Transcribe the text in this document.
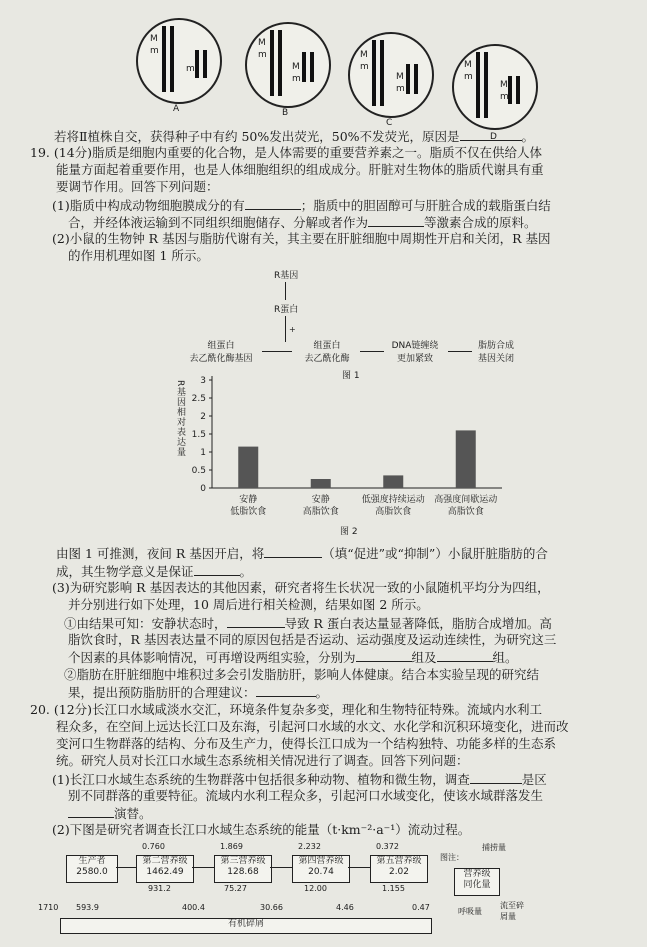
M
m
m
A
M
m
M
m
B
M
m
M
m
C
M
m
M
m
D
若将Ⅱ植株自交，获得种子中有约 50%发出荧光，50%不发荧光，原因是	。
19. (14分)脂质是细胞内重要的化合物，是人体需要的重要营养素之一。脂质不仅在供给人体
能量方面起着重要作用，也是人体细胞组织的组成成分。肝脏对生物体的脂质代谢具有重
要调节作用。回答下列问题：
(1)脂质中构成动物细胞膜成分的有	；脂质中的胆固醇可与肝脏合成的载脂蛋白结
合，并经体液运输到不同组织细胞储存、分解或者作为	等激素合成的原料。
(2)小鼠的生物钟 R 基因与脂肪代谢有关，其主要在肝脏细胞中周期性开启和关闭，R 基因
的作用机理如图 1 所示。
R基因
R蛋白
+
组蛋白
去乙酰化酶基因
组蛋白
去乙酰化酶
DNA链缠绕
更加紧致
脂肪合成
基因关闭
图 1
0
0.5
1
1.5
2
2.5
3
安静
低脂饮食
安静
高脂饮食
低强度持续运动
高脂饮食
高强度间歇运动
高脂饮食
R基因相对表达量
图 2
由图 1 可推测，夜间 R 基因开启，将	（填“促进”或“抑制”）小鼠肝脏脂肪的合
成，其生物学意义是保证	。
(3)为研究影响 R 基因表达的其他因素，研究者将生长状况一致的小鼠随机平均分为四组，
并分别进行如下处理，10 周后进行相关检测，结果如图 2 所示。
①由结果可知：安静状态时，	导致 R 蛋白表达量显著降低，脂肪合成增加。高
脂饮食时，R 基因表达量不同的原因包括是否运动、运动强度及运动连续性，为研究这三
个因素的具体影响情况，可再增设两组实验，分别为	组及	组。
②脂肪在肝脏细胞中堆积过多会引发脂肪肝，影响人体健康。结合本实验呈现的研究结
果，提出预防脂肪肝的合理建议：	。
20. (12分)长江口水域咸淡水交汇，环境条件复杂多变，理化和生物特征特殊。流域内水利工
程众多，在空间上远达长江口及东海，引起河口水域的水文、水化学和沉积环境变化，进而改
变河口生物群落的结构、分布及生产力，使得长江口成为一个结构独特、功能多样的生态系
统。研究人员对长江口水域生态系统相关情况进行了调查。回答下列问题：
(1)长江口水域生态系统的生物群落中包括很多种动物、植物和微生物，调查	是区
别不同群落的重要特征。流域内水利工程众多，引起河口水域变化，使该水域群落发生
演替。
(2)下图是研究者调查长江口水域生态系统的能量（t·km⁻²·a⁻¹）流动过程。
生产者
2580.0
第二营养级
1462.49
0.760
931.2
400.4
第三营养级
128.68
1.869
75.27
30.66
第四营养级
20.74
2.232
12.00
4.46
第五营养级
2.02
0.372
1.155
0.47
1710 593.9
有机碎屑
图注：
营养级
同化量
捕捞量
呼吸量
流至碎
屑量
